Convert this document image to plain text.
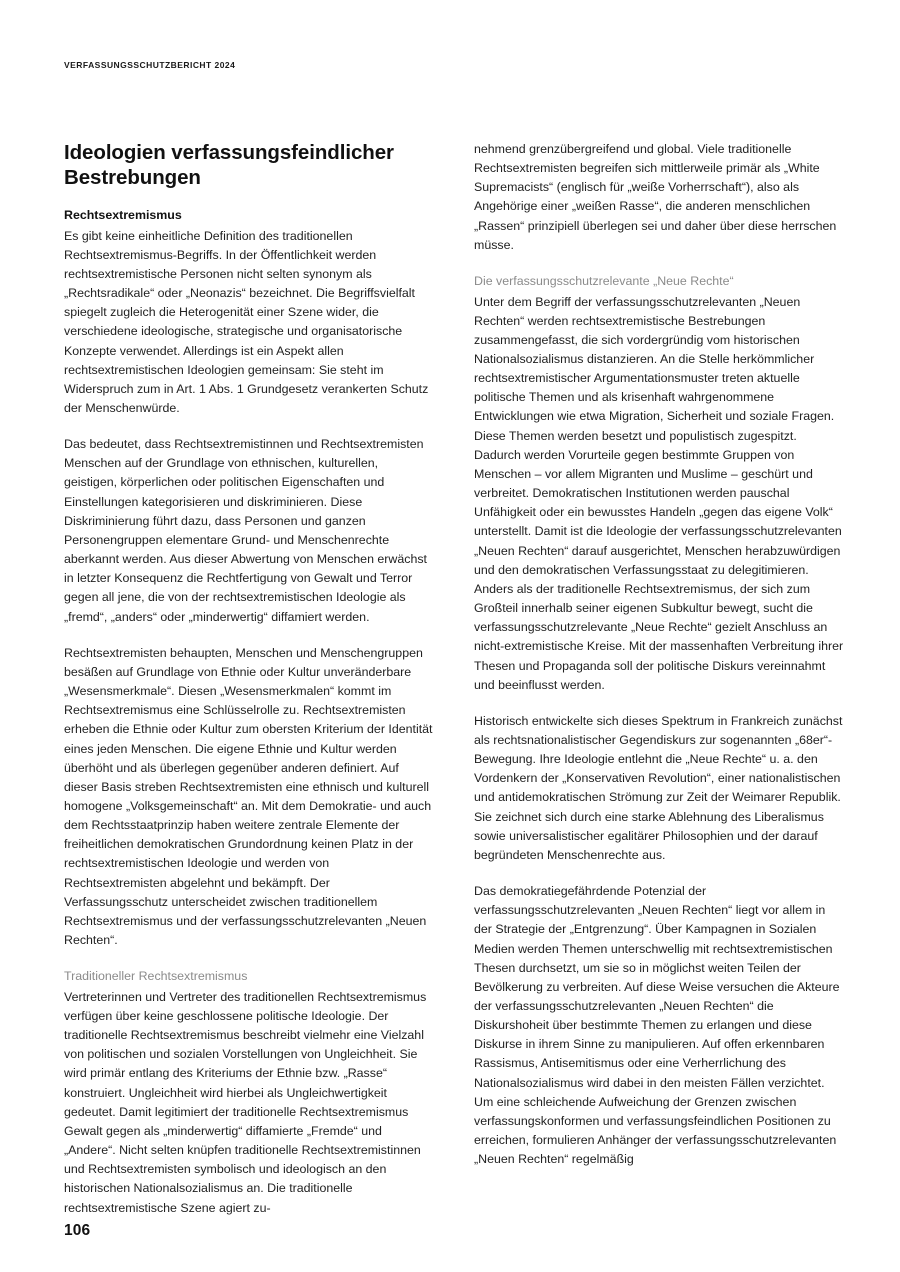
VERFASSUNGSSCHUTZBERICHT 2024
Ideologien verfassungsfeindlicher Bestrebungen
Rechtsextremismus

Es gibt keine einheitliche Definition des traditionellen Rechtsextremismus-Begriffs. In der Öffentlichkeit werden rechtsextremistische Personen nicht selten synonym als „Rechtsradikale“ oder „Neonazis“ bezeichnet. Die Begriffsvielfalt spiegelt zugleich die Heterogenität einer Szene wider, die verschiedene ideologische, strategische und organisatorische Konzepte verwendet. Allerdings ist ein Aspekt allen rechtsextremistischen Ideologien gemeinsam: Sie steht im Widerspruch zum in Art. 1 Abs. 1 Grundgesetz verankerten Schutz der Menschenwürde.

Das bedeutet, dass Rechtsextremistinnen und Rechtsextremisten Menschen auf der Grundlage von ethnischen, kulturellen, geistigen, körperlichen oder politischen Eigenschaften und Einstellungen kategorisieren und diskriminieren. Diese Diskriminierung führt dazu, dass Personen und ganzen Personengruppen elementare Grund- und Menschenrechte aberkannt werden. Aus dieser Abwertung von Menschen erwächst in letzter Konsequenz die Rechtfertigung von Gewalt und Terror gegen all jene, die von der rechtsextremistischen Ideologie als „fremd“, „anders“ oder „minderwertig“ diffamiert werden.

Rechtsextremisten behaupten, Menschen und Menschengruppen besäßen auf Grundlage von Ethnie oder Kultur unveränderbare „Wesensmerkmale“. Diesen „Wesensmerkmalen“ kommt im Rechtsextremismus eine Schlüsselrolle zu. Rechtsextremisten erheben die Ethnie oder Kultur zum obersten Kriterium der Identität eines jeden Menschen. Die eigene Ethnie und Kultur werden überhöht und als überlegen gegenüber anderen definiert. Auf dieser Basis streben Rechtsextremisten eine ethnisch und kulturell homogene „Volksgemeinschaft“ an. Mit dem Demokratie- und auch dem Rechtsstaatprinzip haben weitere zentrale Elemente der freiheitlichen demokratischen Grundordnung keinen Platz in der rechtsextremistischen Ideologie und werden von Rechtsextremisten abgelehnt und bekämpft. Der Verfassungsschutz unterscheidet zwischen traditionellem Rechtsextremismus und der verfassungsschutzrelevanten „Neuen Rechten“.

Traditioneller Rechtsextremismus

Vertreterinnen und Vertreter des traditionellen Rechtsextremismus verfügen über keine geschlossene politische Ideologie. Der traditionelle Rechtsextremismus beschreibt vielmehr eine Vielzahl von politischen und sozialen Vorstellungen von Ungleichheit. Sie wird primär entlang des Kriteriums der Ethnie bzw. „Rasse“ konstruiert. Ungleichheit wird hierbei als Ungleichwertigkeit gedeutet. Damit legitimiert der traditionelle Rechtsextremismus Gewalt gegen als „minderwertig“ diffamierte „Fremde“ und „Andere“. Nicht selten knüpfen traditionelle Rechtsextremistinnen und Rechtsextremisten symbolisch und ideologisch an den historischen Nationalsozialismus an. Die traditionelle rechtsextremistische Szene agiert zu-

nehmend grenzübergreifend und global. Viele traditionelle Rechtsextremisten begreifen sich mittlerweile primär als „White Supremacists“ (englisch für „weiße Vorherrschaft“), also als Angehörige einer „weißen Rasse“, die anderen menschlichen „Rassen“ prinzipiell überlegen sei und daher über diese herrschen müsse.

Die verfassungsschutzrelevante „Neue Rechte“

Unter dem Begriff der verfassungsschutzrelevanten „Neuen Rechten“ werden rechtsextremistische Bestrebungen zusammengefasst, die sich vordergründig vom historischen Nationalsozialismus distanzieren. An die Stelle herkömmlicher rechtsextremistischer Argumentationsmuster treten aktuelle politische Themen und als krisenhaft wahrgenommene Entwicklungen wie etwa Migration, Sicherheit und soziale Fragen. Diese Themen werden besetzt und populistisch zugespitzt. Dadurch werden Vorurteile gegen bestimmte Gruppen von Menschen – vor allem Migranten und Muslime – geschürt und verbreitet. Demokratischen Institutionen werden pauschal Unfähigkeit oder ein bewusstes Handeln „gegen das eigene Volk“ unterstellt. Damit ist die Ideologie der verfassungsschutzrelevanten „Neuen Rechten“ darauf ausgerichtet, Menschen herabzuwürdigen und den demokratischen Verfassungsstaat zu delegitimieren. Anders als der traditionelle Rechtsextremismus, der sich zum Großteil innerhalb seiner eigenen Subkultur bewegt, sucht die verfassungsschutzrelevante „Neue Rechte“ gezielt Anschluss an nicht-extremistische Kreise. Mit der massenhaften Verbreitung ihrer Thesen und Propaganda soll der politische Diskurs vereinnahmt und beeinflusst werden.

Historisch entwickelte sich dieses Spektrum in Frankreich zunächst als rechtsnationalistischer Gegendiskurs zur sogenannten „68er“- Bewegung. Ihre Ideologie entlehnt die „Neue Rechte“ u. a. den Vordenkern der „Konservativen Revolution“, einer nationalistischen und antidemokratischen Strömung zur Zeit der Weimarer Republik. Sie zeichnet sich durch eine starke Ablehnung des Liberalismus sowie universalistischer egalitärer Philosophien und der darauf begründeten Menschenrechte aus.

Das demokratiegefährdende Potenzial der verfassungsschutzrelevanten „Neuen Rechten“ liegt vor allem in der Strategie der „Entgrenzung“. Über Kampagnen in Sozialen Medien werden Themen unterschwellig mit rechtsextremistischen Thesen durchsetzt, um sie so in möglichst weiten Teilen der Bevölkerung zu verbreiten. Auf diese Weise versuchen die Akteure der verfassungsschutzrelevanten „Neuen Rechten“ die Diskurshoheit über bestimmte Themen zu erlangen und diese Diskurse in ihrem Sinne zu manipulieren. Auf offen erkennbaren Rassismus, Antisemitismus oder eine Verherrlichung des Nationalsozialismus wird dabei in den meisten Fällen verzichtet. Um eine schleichende Aufweichung der Grenzen zwischen verfassungskonformen und verfassungsfeindlichen Positionen zu erreichen, formulieren Anhänger der verfassungsschutzrelevanten „Neuen Rechten“ regelmäßig

106
